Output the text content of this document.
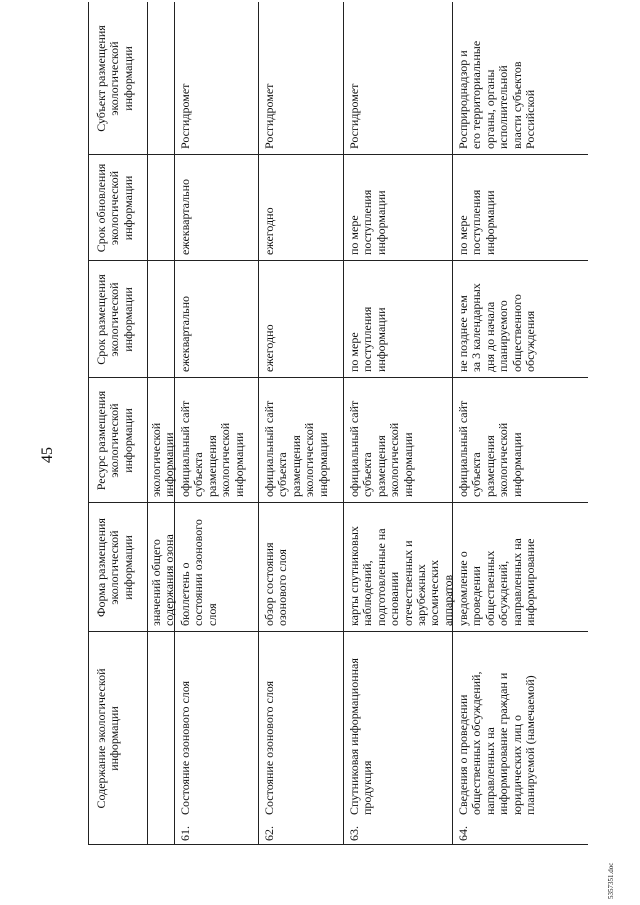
45
Содержание экологической информации
Форма размещения экологической информации
Ресурс размещения экологической информации
Срок размещения экологической информации
Срок обновления экологической информации
Субъект размещения экологической информации
значений общего содержания озона
экологической информации
61.
Состояние озонового слоя
бюллетень о состоянии озонового слоя
официальный сайт субъекта размещения экологической информации
ежеквартально
ежеквартально
Росгидромет
62.
Состояние озонового слоя
обзор состояния озонового слоя
официальный сайт субъекта размещения экологической информации
ежегодно
ежегодно
Росгидромет
63.
Спутниковая информационная продукция
карты спутниковых наблюдений, подготовленные на основании отечественных и зарубежных космических аппаратов
официальный сайт субъекта размещения экологической информации
по мере поступления информации
по мере поступления информации
Росгидромет
64.
Сведения о проведении общественных обсуждений, направленных на информирование граждан и юридических лиц о планируемой (намечаемой)
уведомление о проведении общественных обсуждений, направленных на информирование
официальный сайт субъекта размещения экологической информации
не позднее чем за 3 календарных дня до начала планируемого общественного обсуждения
по мере поступления информации
Росприроднадзор и его территориальные органы, органы исполнительной власти субъектов Российской
5357351.doc
